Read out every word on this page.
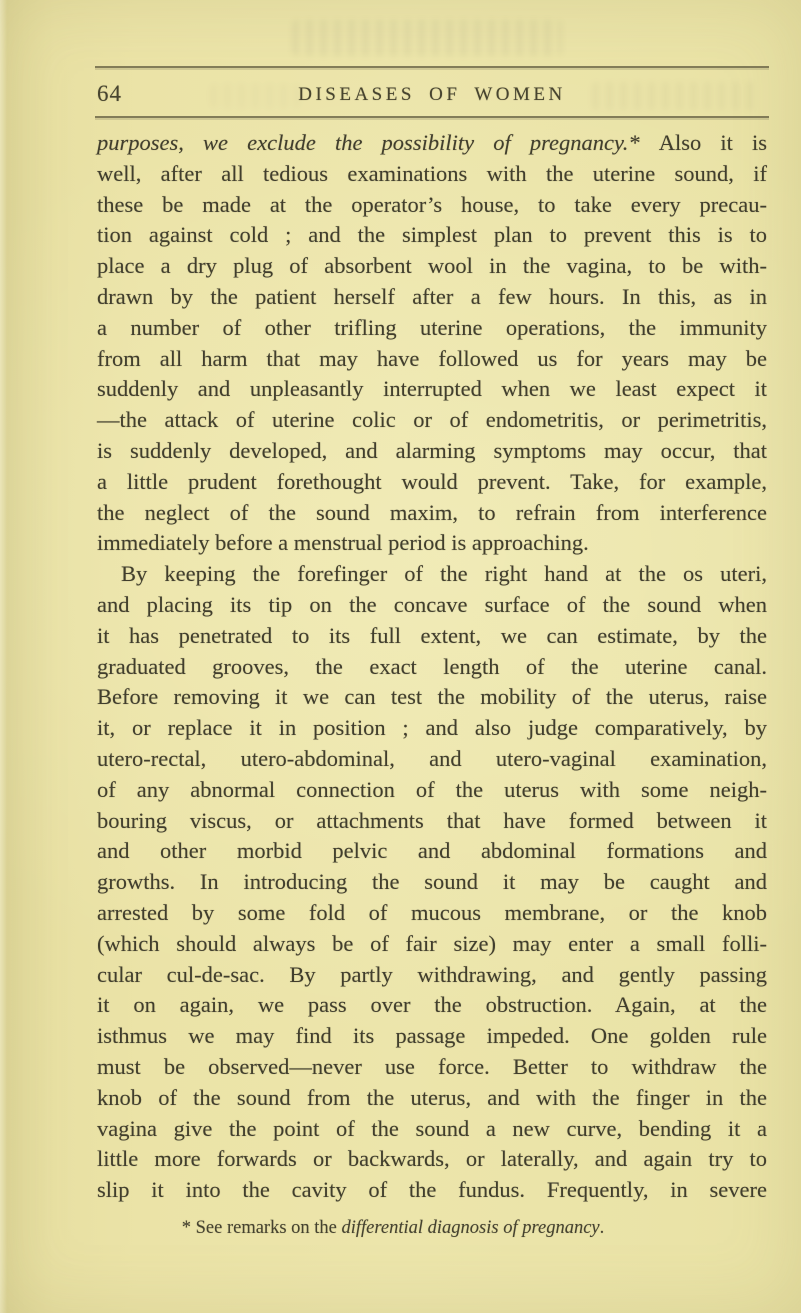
64	DISEASES OF WOMEN
purposes, we exclude the possibility of pregnancy.* Also it is
well, after all tedious examinations with the uterine sound, if
these be made at the operator’s house, to take every precau-
tion against cold ; and the simplest plan to prevent this is to
place a dry plug of absorbent wool in the vagina, to be with-
drawn by the patient herself after a few hours. In this, as in
a number of other trifling uterine operations, the immunity
from all harm that may have followed us for years may be
suddenly and unpleasantly interrupted when we least expect it
—the attack of uterine colic or of endometritis, or perimetritis,
is suddenly developed, and alarming symptoms may occur, that
a little prudent forethought would prevent. Take, for example,
the neglect of the sound maxim, to refrain from interference
immediately before a menstrual period is approaching.
By keeping the forefinger of the right hand at the os uteri,
and placing its tip on the concave surface of the sound when
it has penetrated to its full extent, we can estimate, by the
graduated grooves, the exact length of the uterine canal.
Before removing it we can test the mobility of the uterus, raise
it, or replace it in position ; and also judge comparatively, by
utero-rectal, utero-abdominal, and utero-vaginal examination,
of any abnormal connection of the uterus with some neigh-
bouring viscus, or attachments that have formed between it
and other morbid pelvic and abdominal formations and
growths. In introducing the sound it may be caught and
arrested by some fold of mucous membrane, or the knob
(which should always be of fair size) may enter a small folli-
cular cul-de-sac. By partly withdrawing, and gently passing
it on again, we pass over the obstruction. Again, at the
isthmus we may find its passage impeded. One golden rule
must be observed—never use force. Better to withdraw the
knob of the sound from the uterus, and with the finger in the
vagina give the point of the sound a new curve, bending it a
little more forwards or backwards, or laterally, and again try to
slip it into the cavity of the fundus. Frequently, in severe
* See remarks on the differential diagnosis of pregnancy.
